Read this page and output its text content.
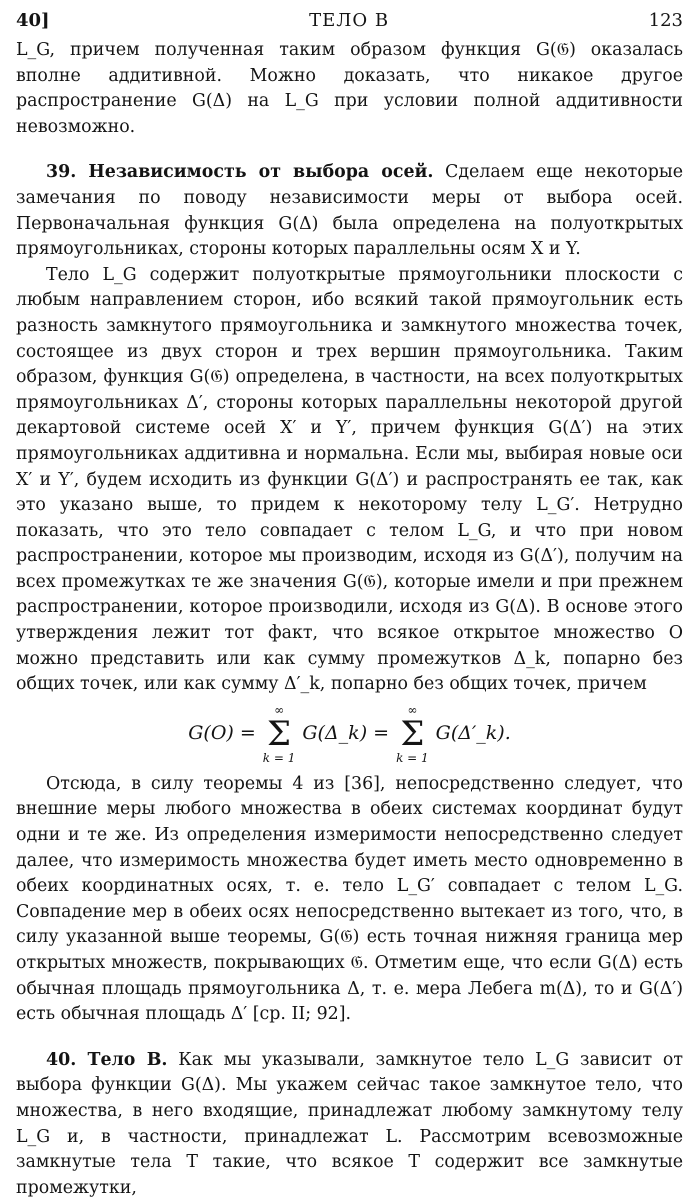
40]	ТЕЛО B	123

L_G, причем полученная таким образом функция G(𝔊) оказалась вполне аддитивной. Можно доказать, что никакое другое распространение G(Δ) на L_G при условии полной аддитивности невозможно.

39. Независимость от выбора осей. Сделаем еще некоторые замечания по поводу независимости меры от выбора осей. Первоначальная функция G(Δ) была определена на полуоткрытых прямоугольниках, стороны которых параллельны осям X и Y.

Тело L_G содержит полуоткрытые прямоугольники плоскости с любым направлением сторон, ибо всякий такой прямоугольник есть разность замкнутого прямоугольника и замкнутого множества точек, состоящее из двух сторон и трех вершин прямоугольника. Таким образом, функция G(𝔊) определена, в частности, на всех полуоткрытых прямоугольниках Δ′, стороны которых параллельны некоторой другой декартовой системе осей X′ и Y′, причем функция G(Δ′) на этих прямоугольниках аддитивна и нормальна. Если мы, выбирая новые оси X′ и Y′, будем исходить из функции G(Δ′) и распространять ее так, как это указано выше, то придем к некоторому телу L_G′. Нетрудно показать, что это тело совпадает с телом L_G, и что при новом распространении, которое мы производим, исходя из G(Δ′), получим на всех промежутках те же значения G(𝔊), которые имели и при прежнем распространении, которое производили, исходя из G(Δ). В основе этого утверждения лежит тот факт, что всякое открытое множество O можно представить или как сумму промежутков Δ_k, попарно без общих точек, или как сумму Δ′_k, попарно без общих точек, причем

G(O) =
∞
Σ
k = 1
G(Δ_k) =
∞
Σ
k = 1
G(Δ′_k).

Отсюда, в силу теоремы 4 из [36], непосредственно следует, что внешние меры любого множества в обеих системах координат будут одни и те же. Из определения измеримости непосредственно следует далее, что измеримость множества будет иметь место одновременно в обеих координатных осях, т. е. тело L_G′ совпадает с телом L_G. Совпадение мер в обеих осях непосредственно вытекает из того, что, в силу указанной выше теоремы, G(𝔊) есть точная нижняя граница мер открытых множеств, покрывающих 𝔊. Отметим еще, что если G(Δ) есть обычная площадь прямоугольника Δ, т. е. мера Лебега m(Δ), то и G(Δ′) есть обычная площадь Δ′ [ср. II; 92].

40. Тело B. Как мы указывали, замкнутое тело L_G зависит от выбора функции G(Δ). Мы укажем сейчас такое замкнутое тело, что множества, в него входящие, принадлежат любому замкнутому телу L_G и, в частности, принадлежат L. Рассмотрим всевозможные замкнутые тела T такие, что всякое T содержит все замкнутые промежутки,
